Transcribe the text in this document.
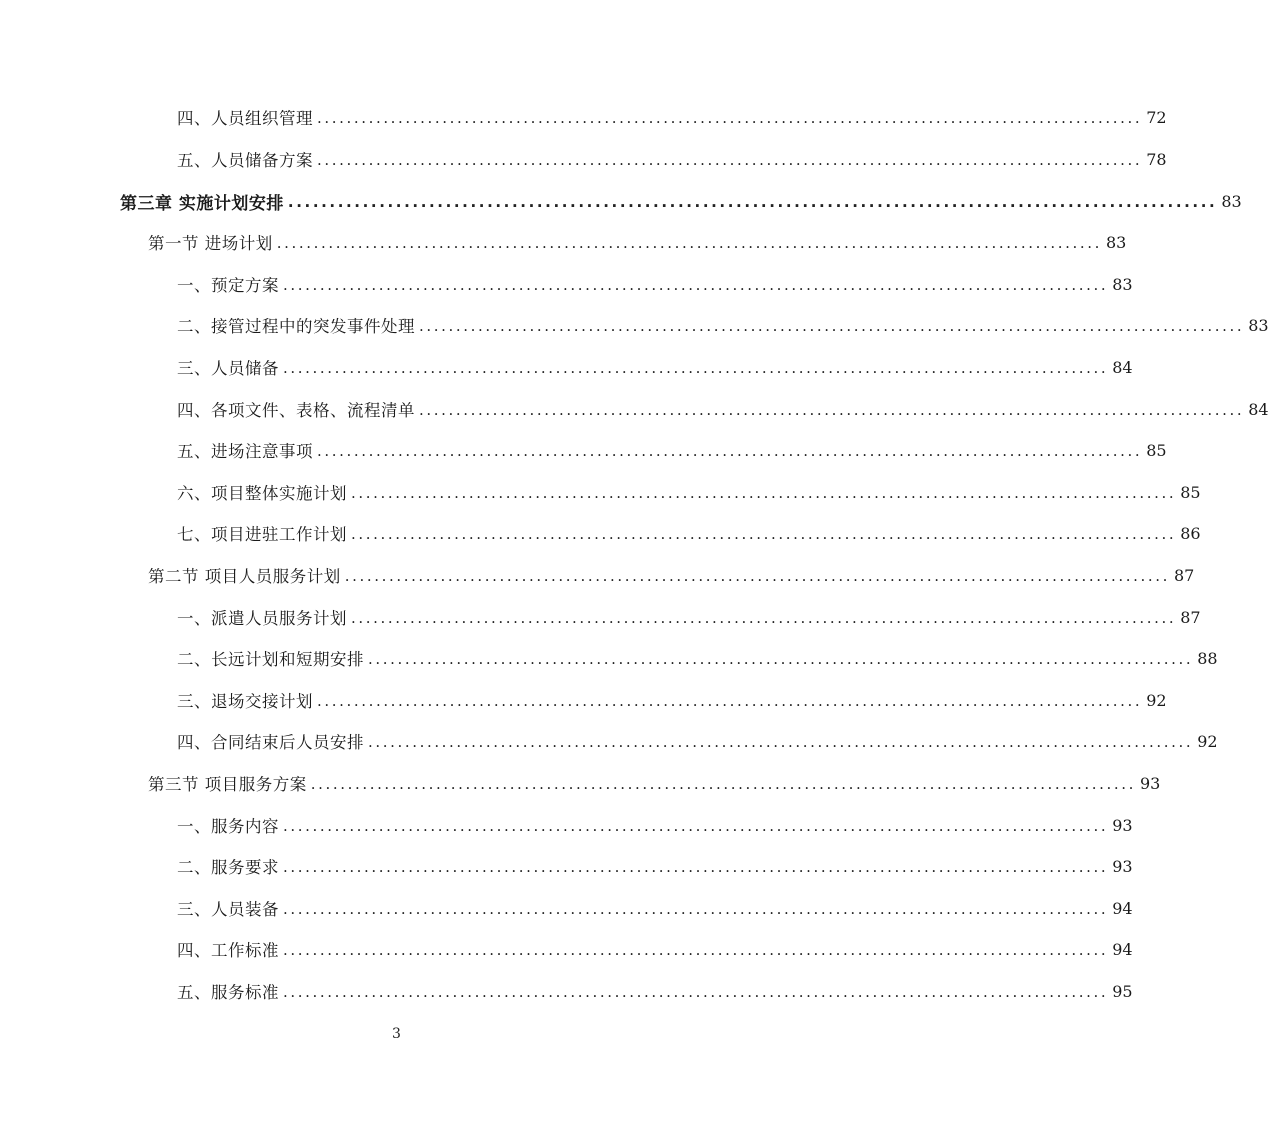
四、人员组织管理 ................................................................................................................ 72
五、人员储备方案 ................................................................................................................ 78
第三章 实施计划安排 ................................................................................................................ 83
第一节 进场计划 ................................................................................................................ 83
一、预定方案 ................................................................................................................ 83
二、接管过程中的突发事件处理 ................................................................................................................ 83
三、人员储备 ................................................................................................................ 84
四、各项文件、表格、流程清单 ................................................................................................................ 84
五、进场注意事项 ................................................................................................................ 85
六、项目整体实施计划 ................................................................................................................ 85
七、项目进驻工作计划 ................................................................................................................ 86
第二节 项目人员服务计划 ................................................................................................................ 87
一、派遣人员服务计划 ................................................................................................................ 87
二、长远计划和短期安排 ................................................................................................................ 88
三、退场交接计划 ................................................................................................................ 92
四、合同结束后人员安排 ................................................................................................................ 92
第三节 项目服务方案 ................................................................................................................ 93
一、服务内容 ................................................................................................................ 93
二、服务要求 ................................................................................................................ 93
三、人员装备 ................................................................................................................ 94
四、工作标准 ................................................................................................................ 94
五、服务标准 ................................................................................................................ 95
3
